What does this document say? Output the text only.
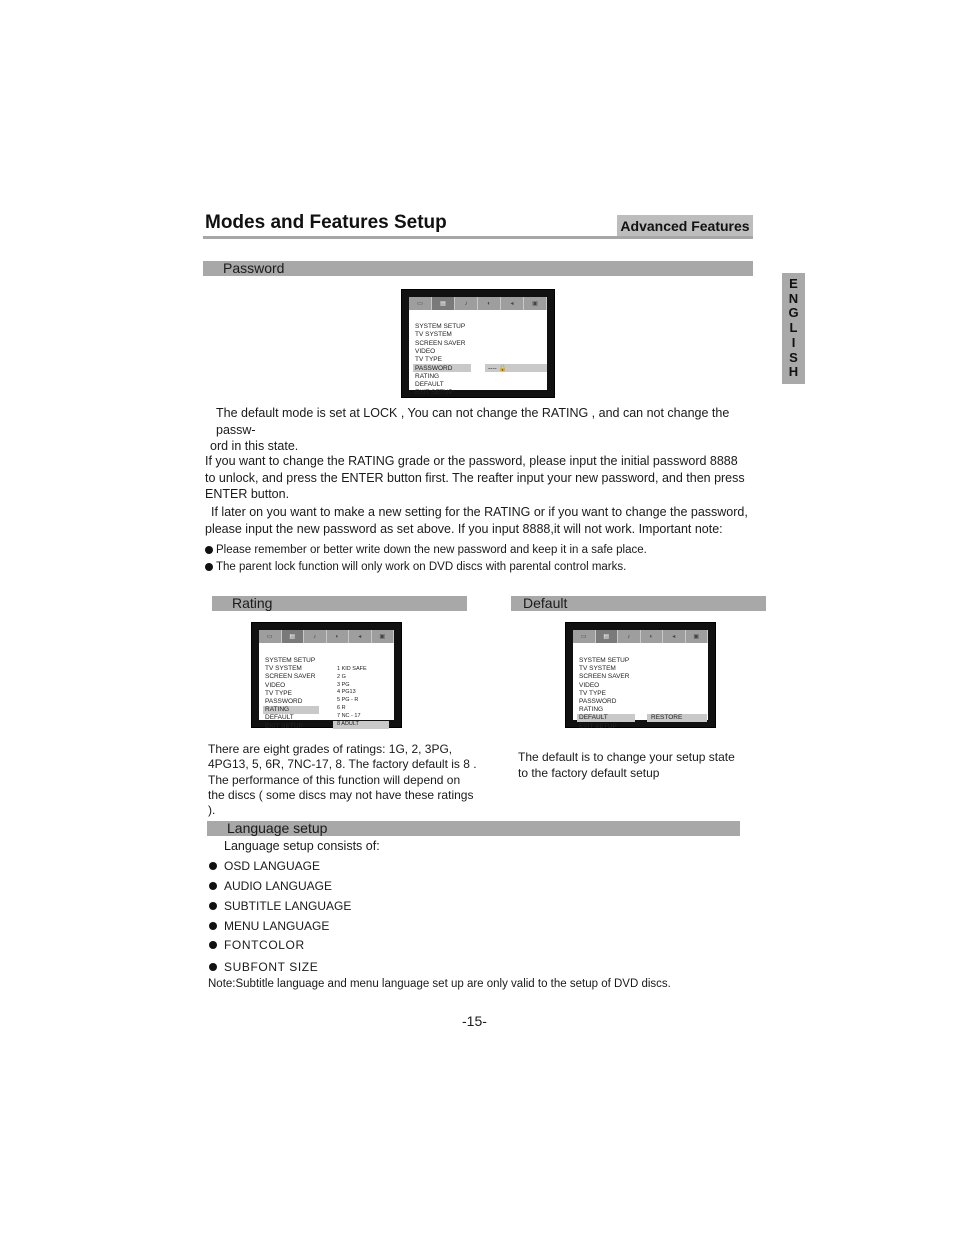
Modes and Features Setup	Advanced Features
E
N
G
L
I
S
H
Password
▭	▤	♪	◐	◂	▣
SYSTEM SETUP
TV SYSTEM
SCREEN SAVER
VIDEO
TV TYPE
PASSWORD
RATING
DEFAULT
EXIT SETUP
---- 🔒
The default mode is set at LOCK , You can not change the RATING , and can not change the passw-
ord in this state.
If you want to change the RATING grade or the password, please input the initial password 8888
to unlock, and press the ENTER button first. The reafter input your new password, and then press
ENTER button.
If later on you want to make a new setting for the RATING or if you want to change the password,
please input the new password as set above. If you input 8888,it will not work. Important note:
Please remember or better write down the new password and keep it in a safe place.
The parent lock function will only work on DVD discs with parental control marks.
Rating
▭	▤	♪	◐	◂	▣
SYSTEM SETUP
TV SYSTEM
SCREEN SAVER
VIDEO
TV TYPE
PASSWORD
RATING
DEFAULT
EXIT SETUP
1 KID SAFE
2 G
3 PG
4 PG13
5 PG - R
6 R
7 NC - 17
8 ADULT
There are eight grades of ratings: 1G, 2, 3PG,
4PG13, 5, 6R, 7NC-17, 8. The factory default is 8 .
The performance of this function will depend on
the discs ( some discs may not have these ratings ).
Default
▭	▤	♪	◐	◂	▣
SYSTEM SETUP
TV SYSTEM
SCREEN SAVER
VIDEO
TV TYPE
PASSWORD
RATING
DEFAULT
EXIT SETUP
RESTORE
The default is to change your setup state
to the factory default setup
Language setup
Language setup consists of:
OSD LANGUAGE
AUDIO LANGUAGE
SUBTITLE LANGUAGE
MENU LANGUAGE
FONTCOLOR
SUBFONT SIZE
Note:Subtitle language and menu language set up are only valid to the setup of DVD discs.
-15-
